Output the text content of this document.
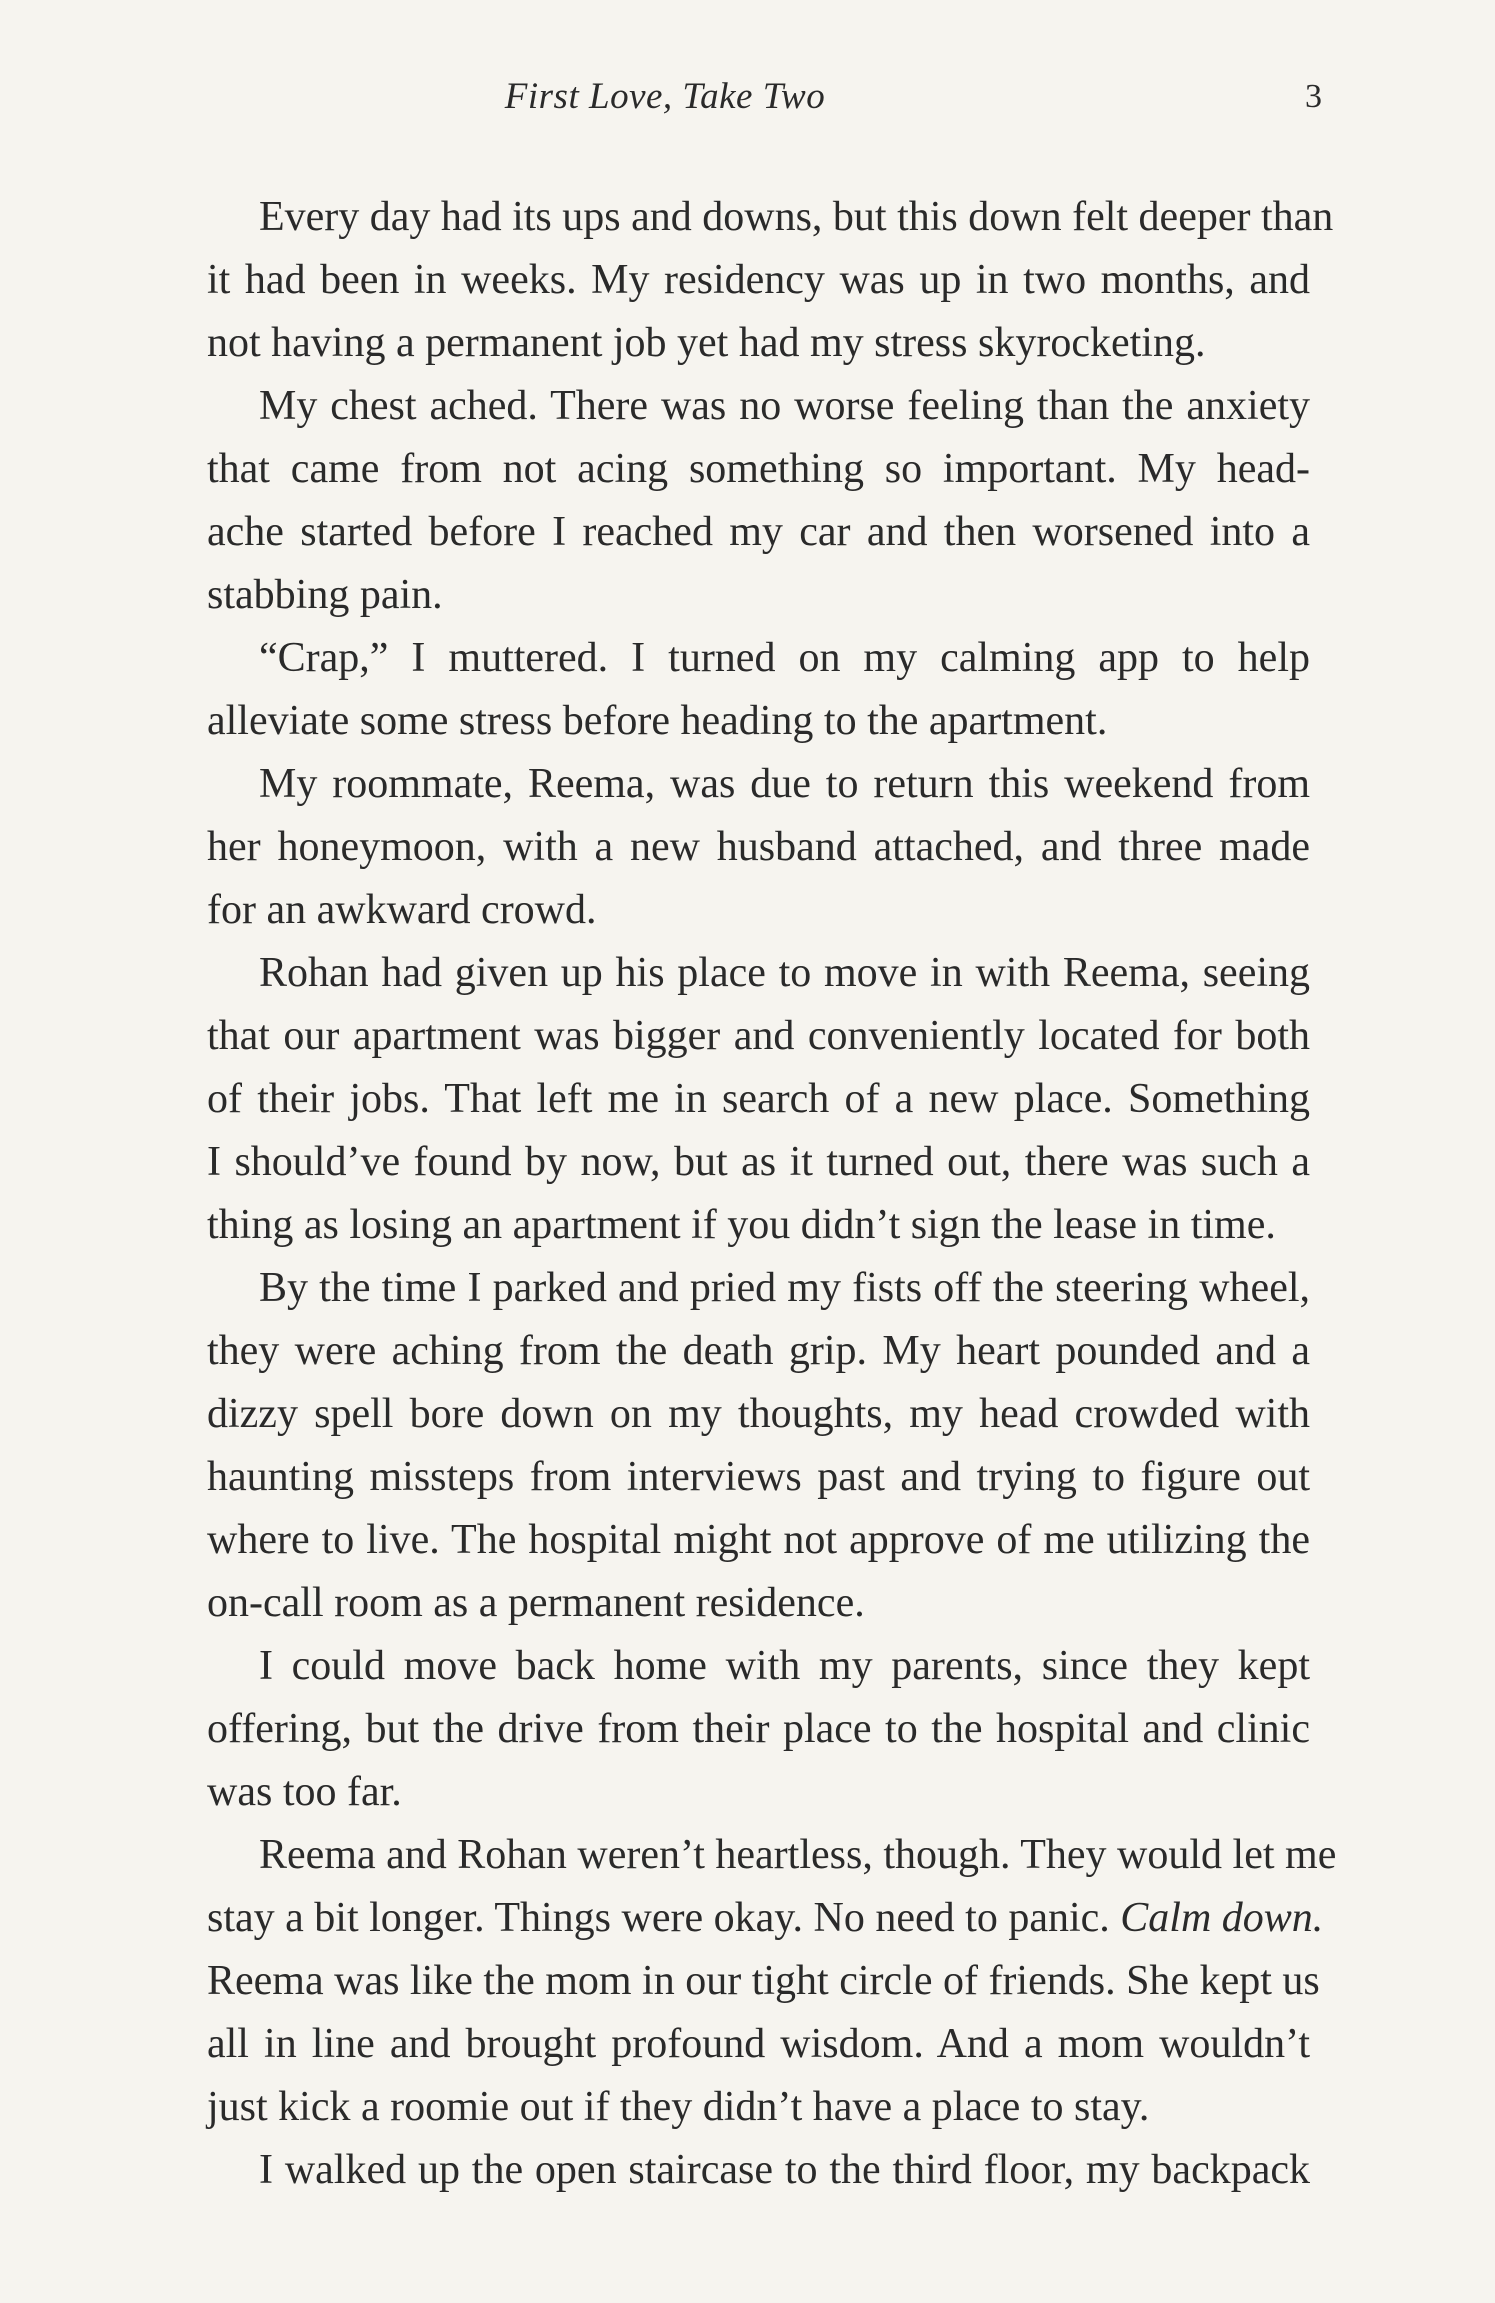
First Love, Take Two	3
Every day had its ups and downs, but this down felt deeper than
it had been in weeks. My residency was up in two months, and
not having a permanent job yet had my stress skyrocketing.
My chest ached. There was no worse feeling than the anxiety
that came from not acing something so important. My head-
ache started before I reached my car and then worsened into a
stabbing pain.
“Crap,” I muttered. I turned on my calming app to help
alleviate some stress before heading to the apartment.
My roommate, Reema, was due to return this weekend from
her honeymoon, with a new husband attached, and three made
for an awkward crowd.
Rohan had given up his place to move in with Reema, seeing
that our apartment was bigger and conveniently located for both
of their jobs. That left me in search of a new place. Something
I should’ve found by now, but as it turned out, there was such a
thing as losing an apartment if you didn’t sign the lease in time.
By the time I parked and pried my fists off the steering wheel,
they were aching from the death grip. My heart pounded and a
dizzy spell bore down on my thoughts, my head crowded with
haunting missteps from interviews past and trying to figure out
where to live. The hospital might not approve of me utilizing the
on-call room as a permanent residence.
I could move back home with my parents, since they kept
offering, but the drive from their place to the hospital and clinic
was too far.
Reema and Rohan weren’t heartless, though. They would let me
stay a bit longer. Things were okay. No need to panic. Calm down.
Reema was like the mom in our tight circle of friends. She kept us
all in line and brought profound wisdom. And a mom wouldn’t
just kick a roomie out if they didn’t have a place to stay.
I walked up the open staircase to the third floor, my backpack
